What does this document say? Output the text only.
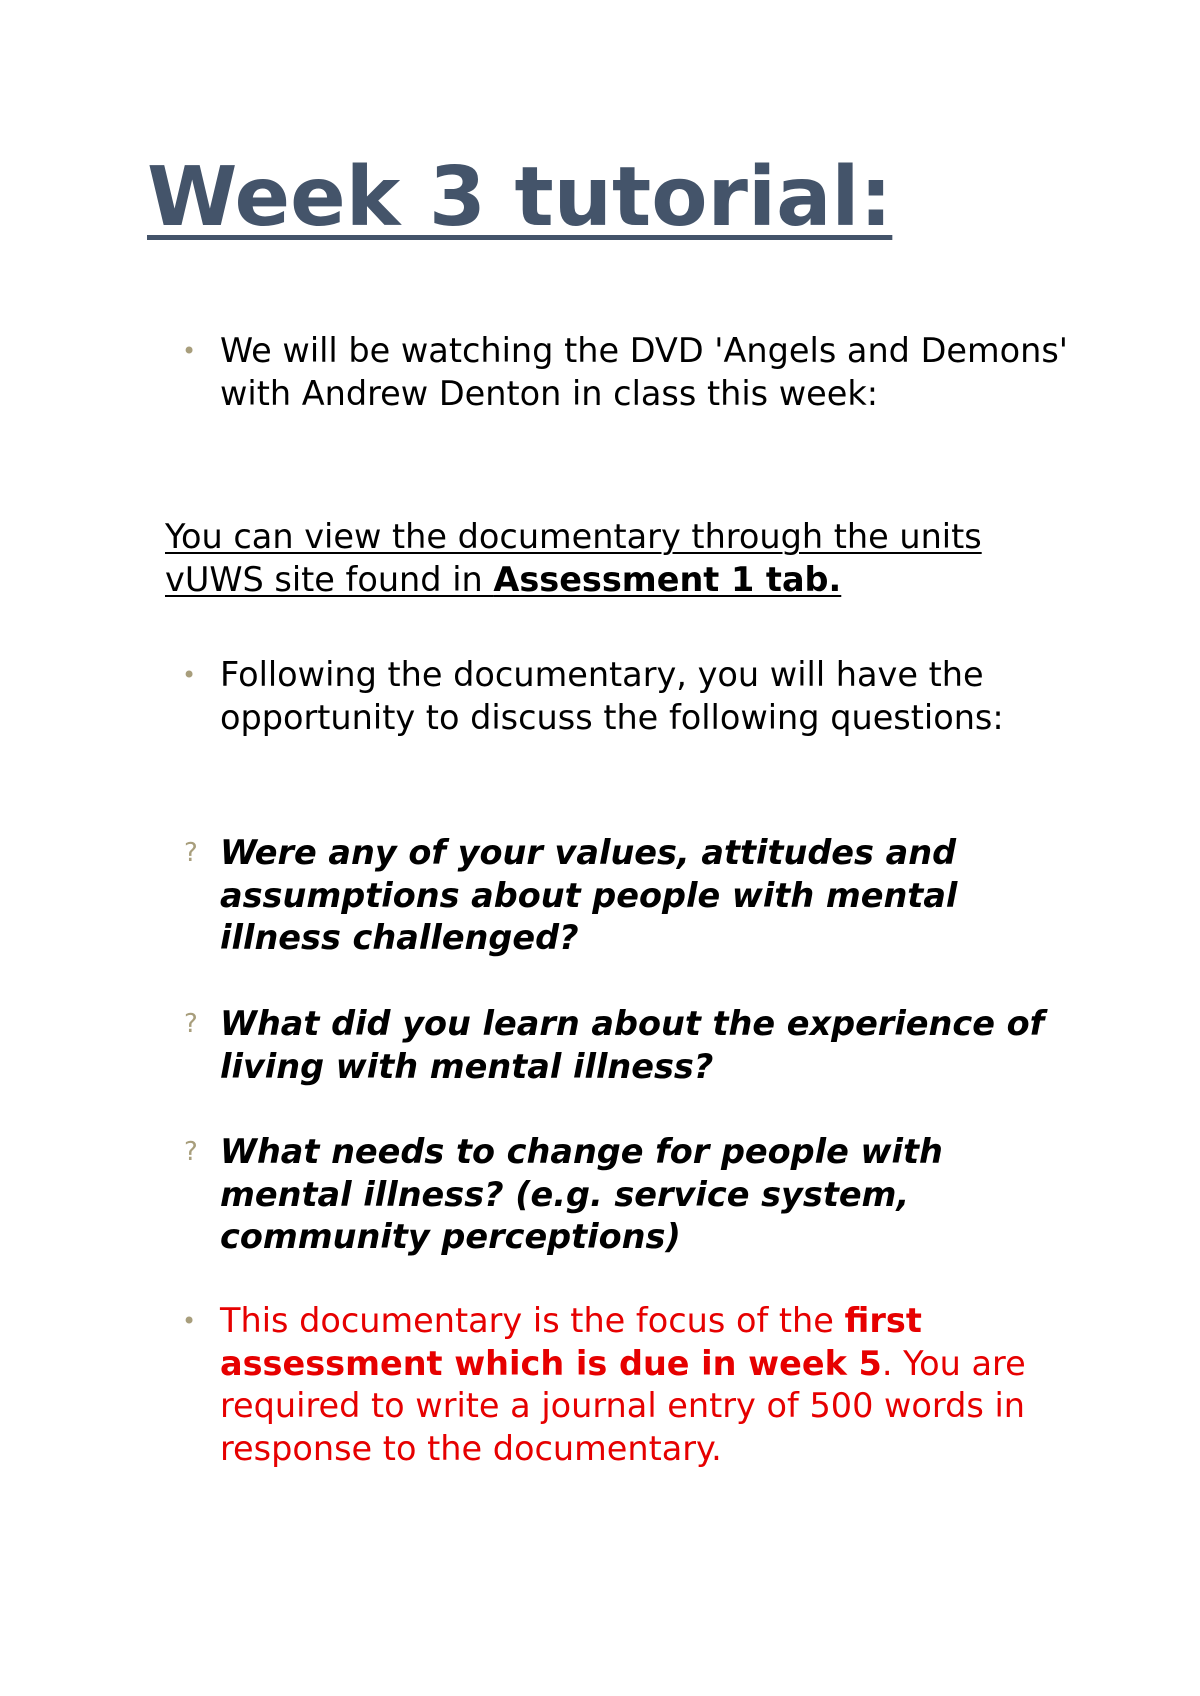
Week 3 tutorial:
• We will be watching the DVD 'Angels and Demons' with Andrew Denton in class this week:
You can view the documentary through the units vUWS site found in Assessment 1 tab.
• Following the documentary, you will have the opportunity to discuss the following questions:
? Were any of your values, attitudes and assumptions about people with mental illness challenged?
? What did you learn about the experience of living with mental illness?
? What needs to change for people with mental illness? (e.g. service system, community perceptions)
• This documentary is the focus of the first assessment which is due in week 5. You are required to write a journal entry of 500 words in response to the documentary.
